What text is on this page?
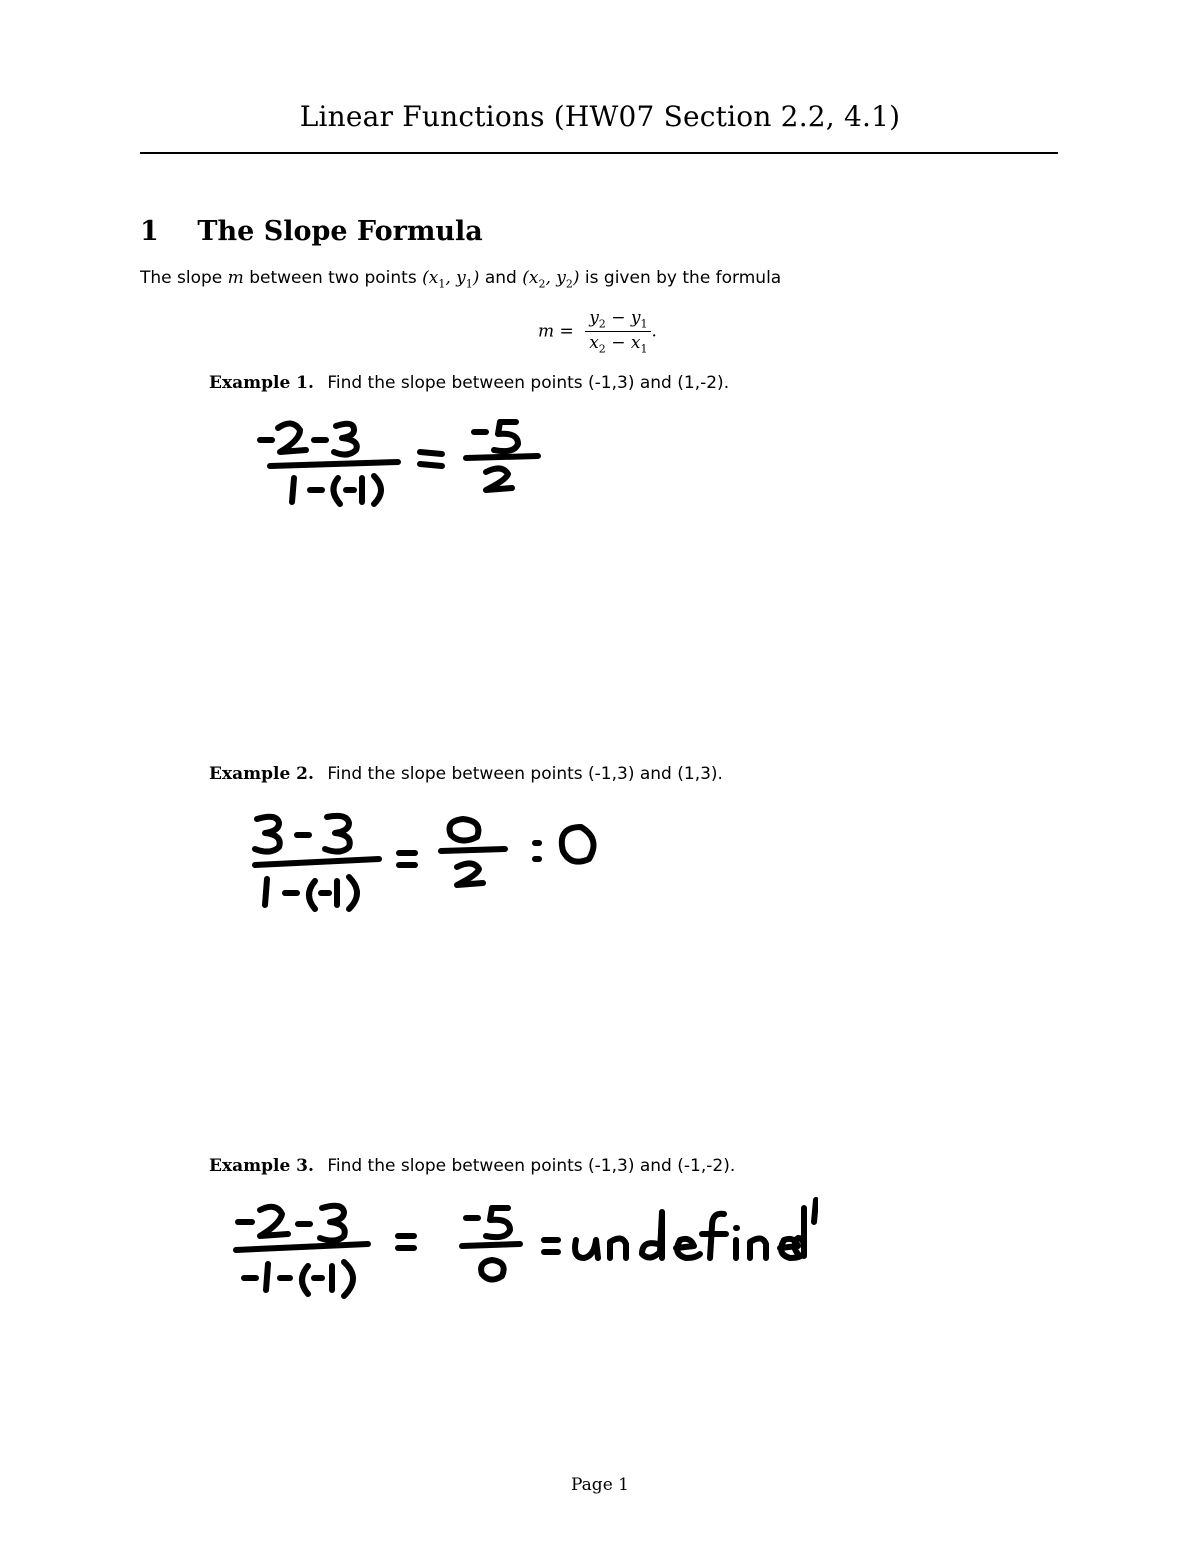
Linear Functions (HW07 Section 2.2, 4.1)
1 The Slope Formula
The slope m between two points ($x_1$, $y_1$) and ($x_2$, $y_2$) is given by the formula
$m = \frac{y_2 - y_1}{x_2 - x_1}$ .
Example 1. Find the slope between points (-1,3) and (1,-2).
Example 2. Find the slope between points (-1,3) and (1,3).
Example 3. Find the slope between points (-1,3) and (-1,-2).
Page 1
